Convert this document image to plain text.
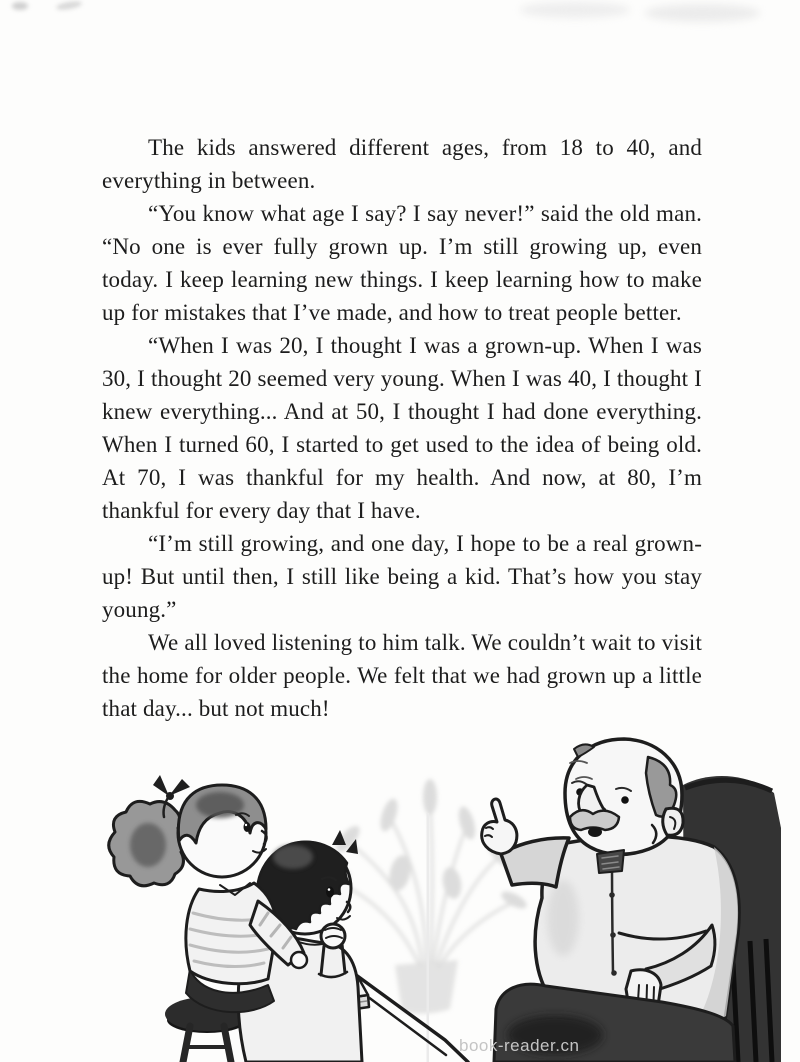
The kids answered different ages, from 18 to 40, and everything in between.

“You know what age I say? I say never!” said the old man. “No one is ever fully grown up. I’m still growing up, even today. I keep learning new things. I keep learning how to make up for mistakes that I’ve made, and how to treat people better.

“When I was 20, I thought I was a grown-up. When I was 30, I thought 20 seemed very young. When I was 40, I thought I knew everything... And at 50, I thought I had done everything. When I turned 60, I started to get used to the idea of being old. At 70, I was thankful for my health. And now, at 80, I’m thankful for every day that I have.

“I’m still growing, and one day, I hope to be a real grown-up! But until then, I still like being a kid. That’s how you stay young.”

We all loved listening to him talk. We couldn’t wait to visit the home for older people. We felt that we had grown up a little that day... but not much!

book-reader.cn
